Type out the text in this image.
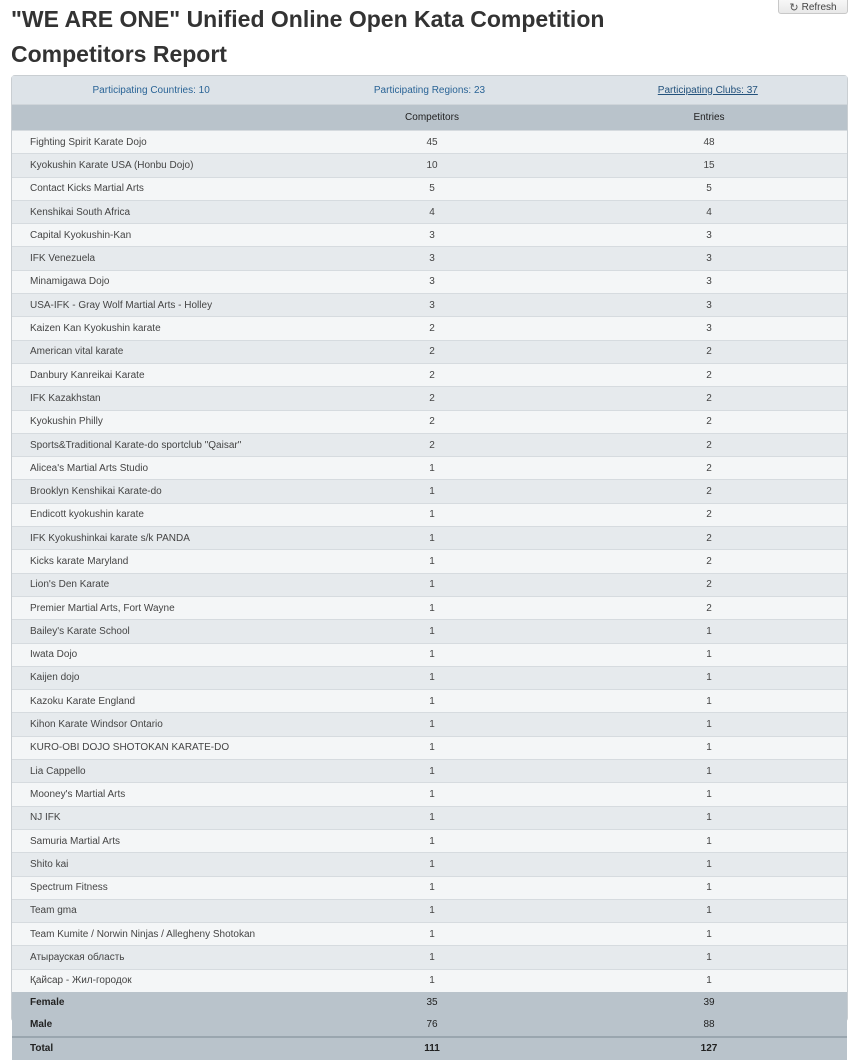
"WE ARE ONE" Unified Online Open Kata Competition
Competitors Report
↻ Refresh
Participating Countries: 10	Participating Regions: 23	Participating Clubs: 37
	Competitors	Entries
Fighting Spirit Karate Dojo	45	48
Kyokushin Karate USA (Honbu Dojo)	10	15
Contact Kicks Martial Arts	5	5
Kenshikai South Africa	4	4
Capital Kyokushin-Kan	3	3
IFK Venezuela	3	3
Minamigawa Dojo	3	3
USA-IFK - Gray Wolf Martial Arts - Holley	3	3
Kaizen Kan Kyokushin karate	2	3
American vital karate	2	2
Danbury Kanreikai Karate	2	2
IFK Kazakhstan	2	2
Kyokushin Philly	2	2
Sports&Traditional Karate-do sportclub "Qaisar"	2	2
Alicea's Martial Arts Studio	1	2
Brooklyn Kenshikai Karate-do	1	2
Endicott kyokushin karate	1	2
IFK Kyokushinkai karate s/k PANDA	1	2
Kicks karate Maryland	1	2
Lion's Den Karate	1	2
Premier Martial Arts, Fort Wayne	1	2
Bailey's Karate School	1	1
Iwata Dojo	1	1
Kaijen dojo	1	1
Kazoku Karate England	1	1
Kihon Karate Windsor Ontario	1	1
KURO-OBI DOJO SHOTOKAN KARATE-DO	1	1
Lia Cappello	1	1
Mooney's Martial Arts	1	1
NJ IFK	1	1
Samuria Martial Arts	1	1
Shito kai	1	1
Spectrum Fitness	1	1
Team gma	1	1
Team Kumite / Norwin Ninjas / Allegheny Shotokan	1	1
Атырауская область	1	1
Қайсар - Жил-городок	1	1
Female	35	39
Male	76	88
Total	111	127
